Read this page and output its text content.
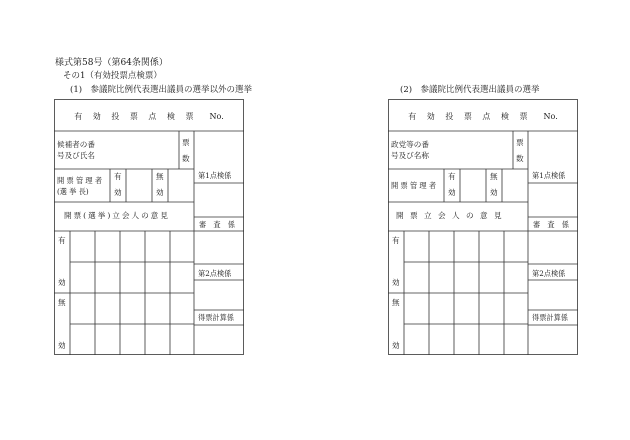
様式第58号（第64条関係）
その1（有効投票点検票）
(1)　参議院比例代表選出議員の選挙以外の選挙	(2)　参議院比例代表選出議員の選挙
有 効 投 票 点 検 票　 No.
候補者の番
号及び氏名
票
数
開 票 管 理 者
(選 挙 長)
有
効
無
効
開票(選挙)立会人の意見
第1点検係
審　査　係
第2点検係
得票計算係
有
効
無
効
有 効 投 票 点 検 票　 No.
政党等の番
号及び名称
票
数
開 票 管 理 者
有
効
無
効
開 票 立 会 人 の 意 見
第1点検係
審　査　係
第2点検係
得票計算係
有
効
無
効
